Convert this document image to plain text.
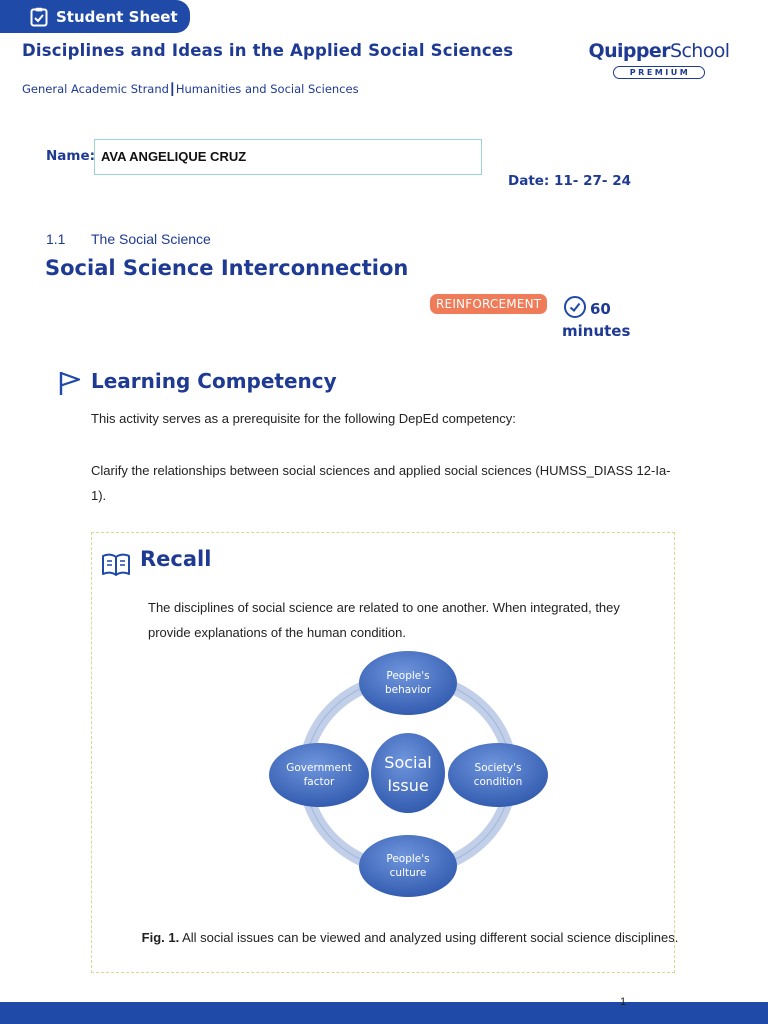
Student Sheet
Disciplines and Ideas in the Applied Social Sciences
General Academic Strand┃Humanities and Social Sciences
QuipperSchool
PREMIUM
Name: AVA ANGELIQUE CRUZ
Date: 11- 27- 24
1.1 The Social Science
Social Science Interconnection
REINFORCEMENT	60
minutes
Learning Competency
This activity serves as a prerequisite for the following DepEd competency:
Clarify the relationships between social sciences and applied social sciences (HUMSS_DIASS 12-Ia-1).
Recall
The disciplines of social science are related to one another. When integrated, they provide explanations of the human condition.
Social
Issue
People's
behavior
Government
factor
Society's
condition
People's
culture
Fig. 1. All social issues can be viewed and analyzed using different social science disciplines.
1
